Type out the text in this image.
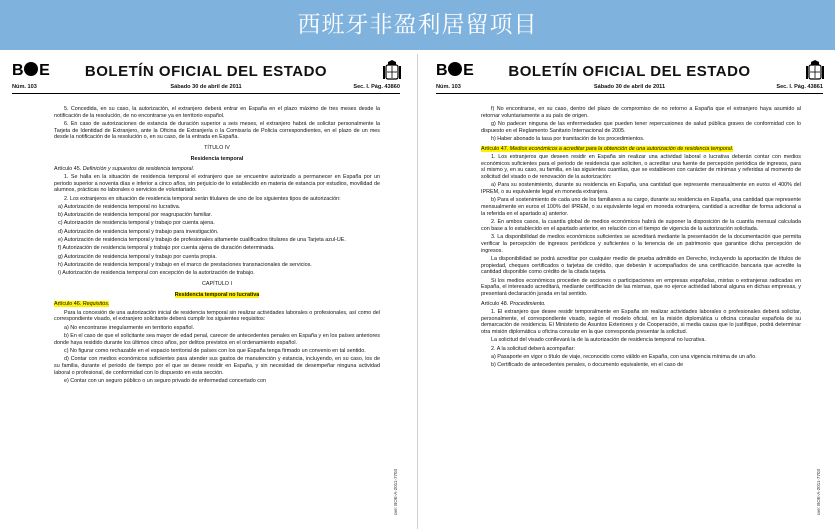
西班牙非盈利居留项目
B E	BOLETÍN OFICIAL DEL ESTADO
Núm. 103	Sábado 30 de abril de 2011	Sec. I. Pág. 43860

5. Concedida, en su caso, la autorización, el extranjero deberá entrar en España en el plazo máximo de tres meses desde la notificación de la resolución, de no encontrarse ya en territorio español.

6. En caso de autorizaciones de estancia de duración superior a seis meses, el extranjero habrá de solicitar personalmente la Tarjeta de Identidad de Extranjero, ante la Oficina de Extranjería o la Comisaría de Policía correspondientes, en el plazo de un mes desde la notificación de la resolución o, en su caso, de la entrada en España.

TÍTULO IV

Residencia temporal

Artículo 45. Definición y supuestos de residencia temporal.

1. Se halla en la situación de residencia temporal el extranjero que se encuentre autorizado a permanecer en España por un periodo superior a noventa días e inferior a cinco años, sin perjuicio de lo establecido en materia de estancia por estudios, movilidad de alumnos, prácticas no laborales o servicios de voluntariado.

2. Los extranjeros en situación de residencia temporal serán titulares de uno de los siguientes tipos de autorización:

a) Autorización de residencia temporal no lucrativa.

b) Autorización de residencia temporal por reagrupación familiar.

c) Autorización de residencia temporal y trabajo por cuenta ajena.

d) Autorización de residencia temporal y trabajo para investigación.

e) Autorización de residencia temporal y trabajo de profesionales altamente cualificados titulares de una Tarjeta azul-UE.

f) Autorización de residencia temporal y trabajo por cuenta ajena de duración determinada.

g) Autorización de residencia temporal y trabajo por cuenta propia.

h) Autorización de residencia temporal y trabajo en el marco de prestaciones transnacionales de servicios.

i) Autorización de residencia temporal con excepción de la autorización de trabajo.

CAPÍTULO I

Residencia temporal no lucrativa

Artículo 46. Requisitos.

Para la concesión de una autorización inicial de residencia temporal sin realizar actividades laborales o profesionales, así como del correspondiente visado, el extranjero solicitante deberá cumplir los siguientes requisitos:

a) No encontrarse irregularmente en territorio español.

b) En el caso de que el solicitante sea mayor de edad penal, carecer de antecedentes penales en España y en los países anteriores donde haya residido durante los últimos cinco años, por delitos previstos en el ordenamiento español.

c) No figurar como rechazable en el espacio territorial de países con los que España tenga firmado un convenio en tal sentido.

d) Contar con medios económicos suficientes para atender sus gastos de manutención y estancia, incluyendo, en su caso, los de su familia, durante el periodo de tiempo por el que se desee residir en España, y sin necesidad de desempeñar ninguna actividad laboral o profesional, de conformidad con lo dispuesto en esta sección.

e) Contar con un seguro público o un seguro privado de enfermedad concertado con

cve: BOE-A-2011-7703
B E	BOLETÍN OFICIAL DEL ESTADO
Núm. 103	Sábado 30 de abril de 2011	Sec. I. Pág. 43861

f) No encontrarse, en su caso, dentro del plazo de compromiso de no retorno a España que el extranjero haya asumido al retornar voluntariamente a su país de origen.

g) No padecer ninguna de las enfermedades que pueden tener repercusiones de salud pública graves de conformidad con lo dispuesto en el Reglamento Sanitario Internacional de 2005.

h) Haber abonado la tasa por tramitación de los procedimientos.

Artículo 47. Medios económicos a acreditar para la obtención de una autorización de residencia temporal.

1. Los extranjeros que deseen residir en España sin realizar una actividad laboral o lucrativa deberán contar con medios económicos suficientes para el periodo de residencia que soliciten, o acreditar una fuente de percepción periódica de ingresos, para sí mismo y, en su caso, su familia, en las siguientes cuantías, que se establecen con carácter de mínimas y referidas al momento de solicitud del visado o de renovación de la autorización:

a) Para su sostenimiento, durante su residencia en España, una cantidad que represente mensualmente en euros el 400% del IPREM, o su equivalente legal en moneda extranjera.

b) Para el sostenimiento de cada uno de los familiares a su cargo, durante su residencia en España, una cantidad que represente mensualmente en euros el 100% del IPREM, o su equivalente legal en moneda extranjera, cantidad a acreditar de forma adicional a la referida en el apartado a) anterior.

2. En ambos casos, la cuantía global de medios económicos habrá de suponer la disposición de la cuantía mensual calculada con base a lo establecido en el apartado anterior, en relación con el tiempo de vigencia de la autorización solicitada.

3. La disponibilidad de medios económicos suficientes se acreditará mediante la presentación de la documentación que permita verificar la percepción de ingresos periódicos y suficientes o la tenencia de un patrimonio que garantice dicha percepción de ingresos.

La disponibilidad se podrá acreditar por cualquier medio de prueba admitido en Derecho, incluyendo la aportación de títulos de propiedad, cheques certificados o tarjetas de crédito, que deberán ir acompañados de una certificación bancaria que acredite la cantidad disponible como crédito de la citada tarjeta.

Si los medios económicos proceden de acciones o participaciones en empresas españolas, mixtas o extranjeras radicadas en España, el interesado acreditará, mediante certificación de las mismas, que no ejerce actividad laboral alguna en dichas empresas, y presentará declaración jurada en tal sentido.

Artículo 48. Procedimiento.

1. El extranjero que desee residir temporalmente en España sin realizar actividades laborales o profesionales deberá solicitar, personalmente, el correspondiente visado, según el modelo oficial, en la misión diplomática u oficina consular española de su demarcación de residencia. El Ministerio de Asuntos Exteriores y de Cooperación, si media causa que lo justifique, podrá determinar otra misión diplomática u oficina consular en la que corresponda presentar la solicitud.

La solicitud del visado conllevará la de la autorización de residencia temporal no lucrativa.

2. A la solicitud deberá acompañar:

a) Pasaporte en vigor o título de viaje, reconocido como válido en España, con una vigencia mínima de un año.

b) Certificado de antecedentes penales, o documento equivalente, en el caso de

cve: BOE-A-2011-7703
